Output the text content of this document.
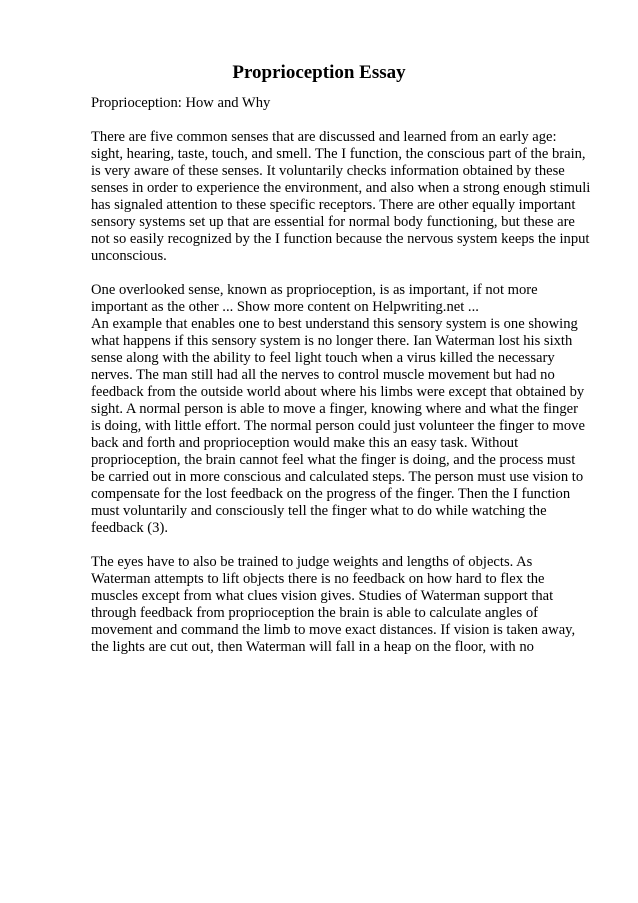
Proprioception Essay

Proprioception: How and Why

There are five common senses that are discussed and learned from an early age: sight, hearing, taste, touch, and smell. The I function, the conscious part of the brain, is very aware of these senses. It voluntarily checks information obtained by these senses in order to experience the environment, and also when a strong enough stimuli has signaled attention to these specific receptors. There are other equally important sensory systems set up that are essential for normal body functioning, but these are not so easily recognized by the I function because the nervous system keeps the input unconscious.

One overlooked sense, known as proprioception, is as important, if not more important as the other ... Show more content on Helpwriting.net ...

An example that enables one to best understand this sensory system is one showing what happens if this sensory system is no longer there. Ian Waterman lost his sixth sense along with the ability to feel light touch when a virus killed the necessary nerves. The man still had all the nerves to control muscle movement but had no feedback from the outside world about where his limbs were except that obtained by sight. A normal person is able to move a finger, knowing where and what the finger is doing, with little effort. The normal person could just volunteer the finger to move back and forth and proprioception would make this an easy task. Without proprioception, the brain cannot feel what the finger is doing, and the process must be carried out in more conscious and calculated steps. The person must use vision to compensate for the lost feedback on the progress of the finger. Then the I function must voluntarily and consciously tell the finger what to do while watching the feedback (3).

The eyes have to also be trained to judge weights and lengths of objects. As Waterman attempts to lift objects there is no feedback on how hard to flex the muscles except from what clues vision gives. Studies of Waterman support that through feedback from proprioception the brain is able to calculate angles of movement and command the limb to move exact distances. If vision is taken away, the lights are cut out, then Waterman will fall in a heap on the floor, with no
